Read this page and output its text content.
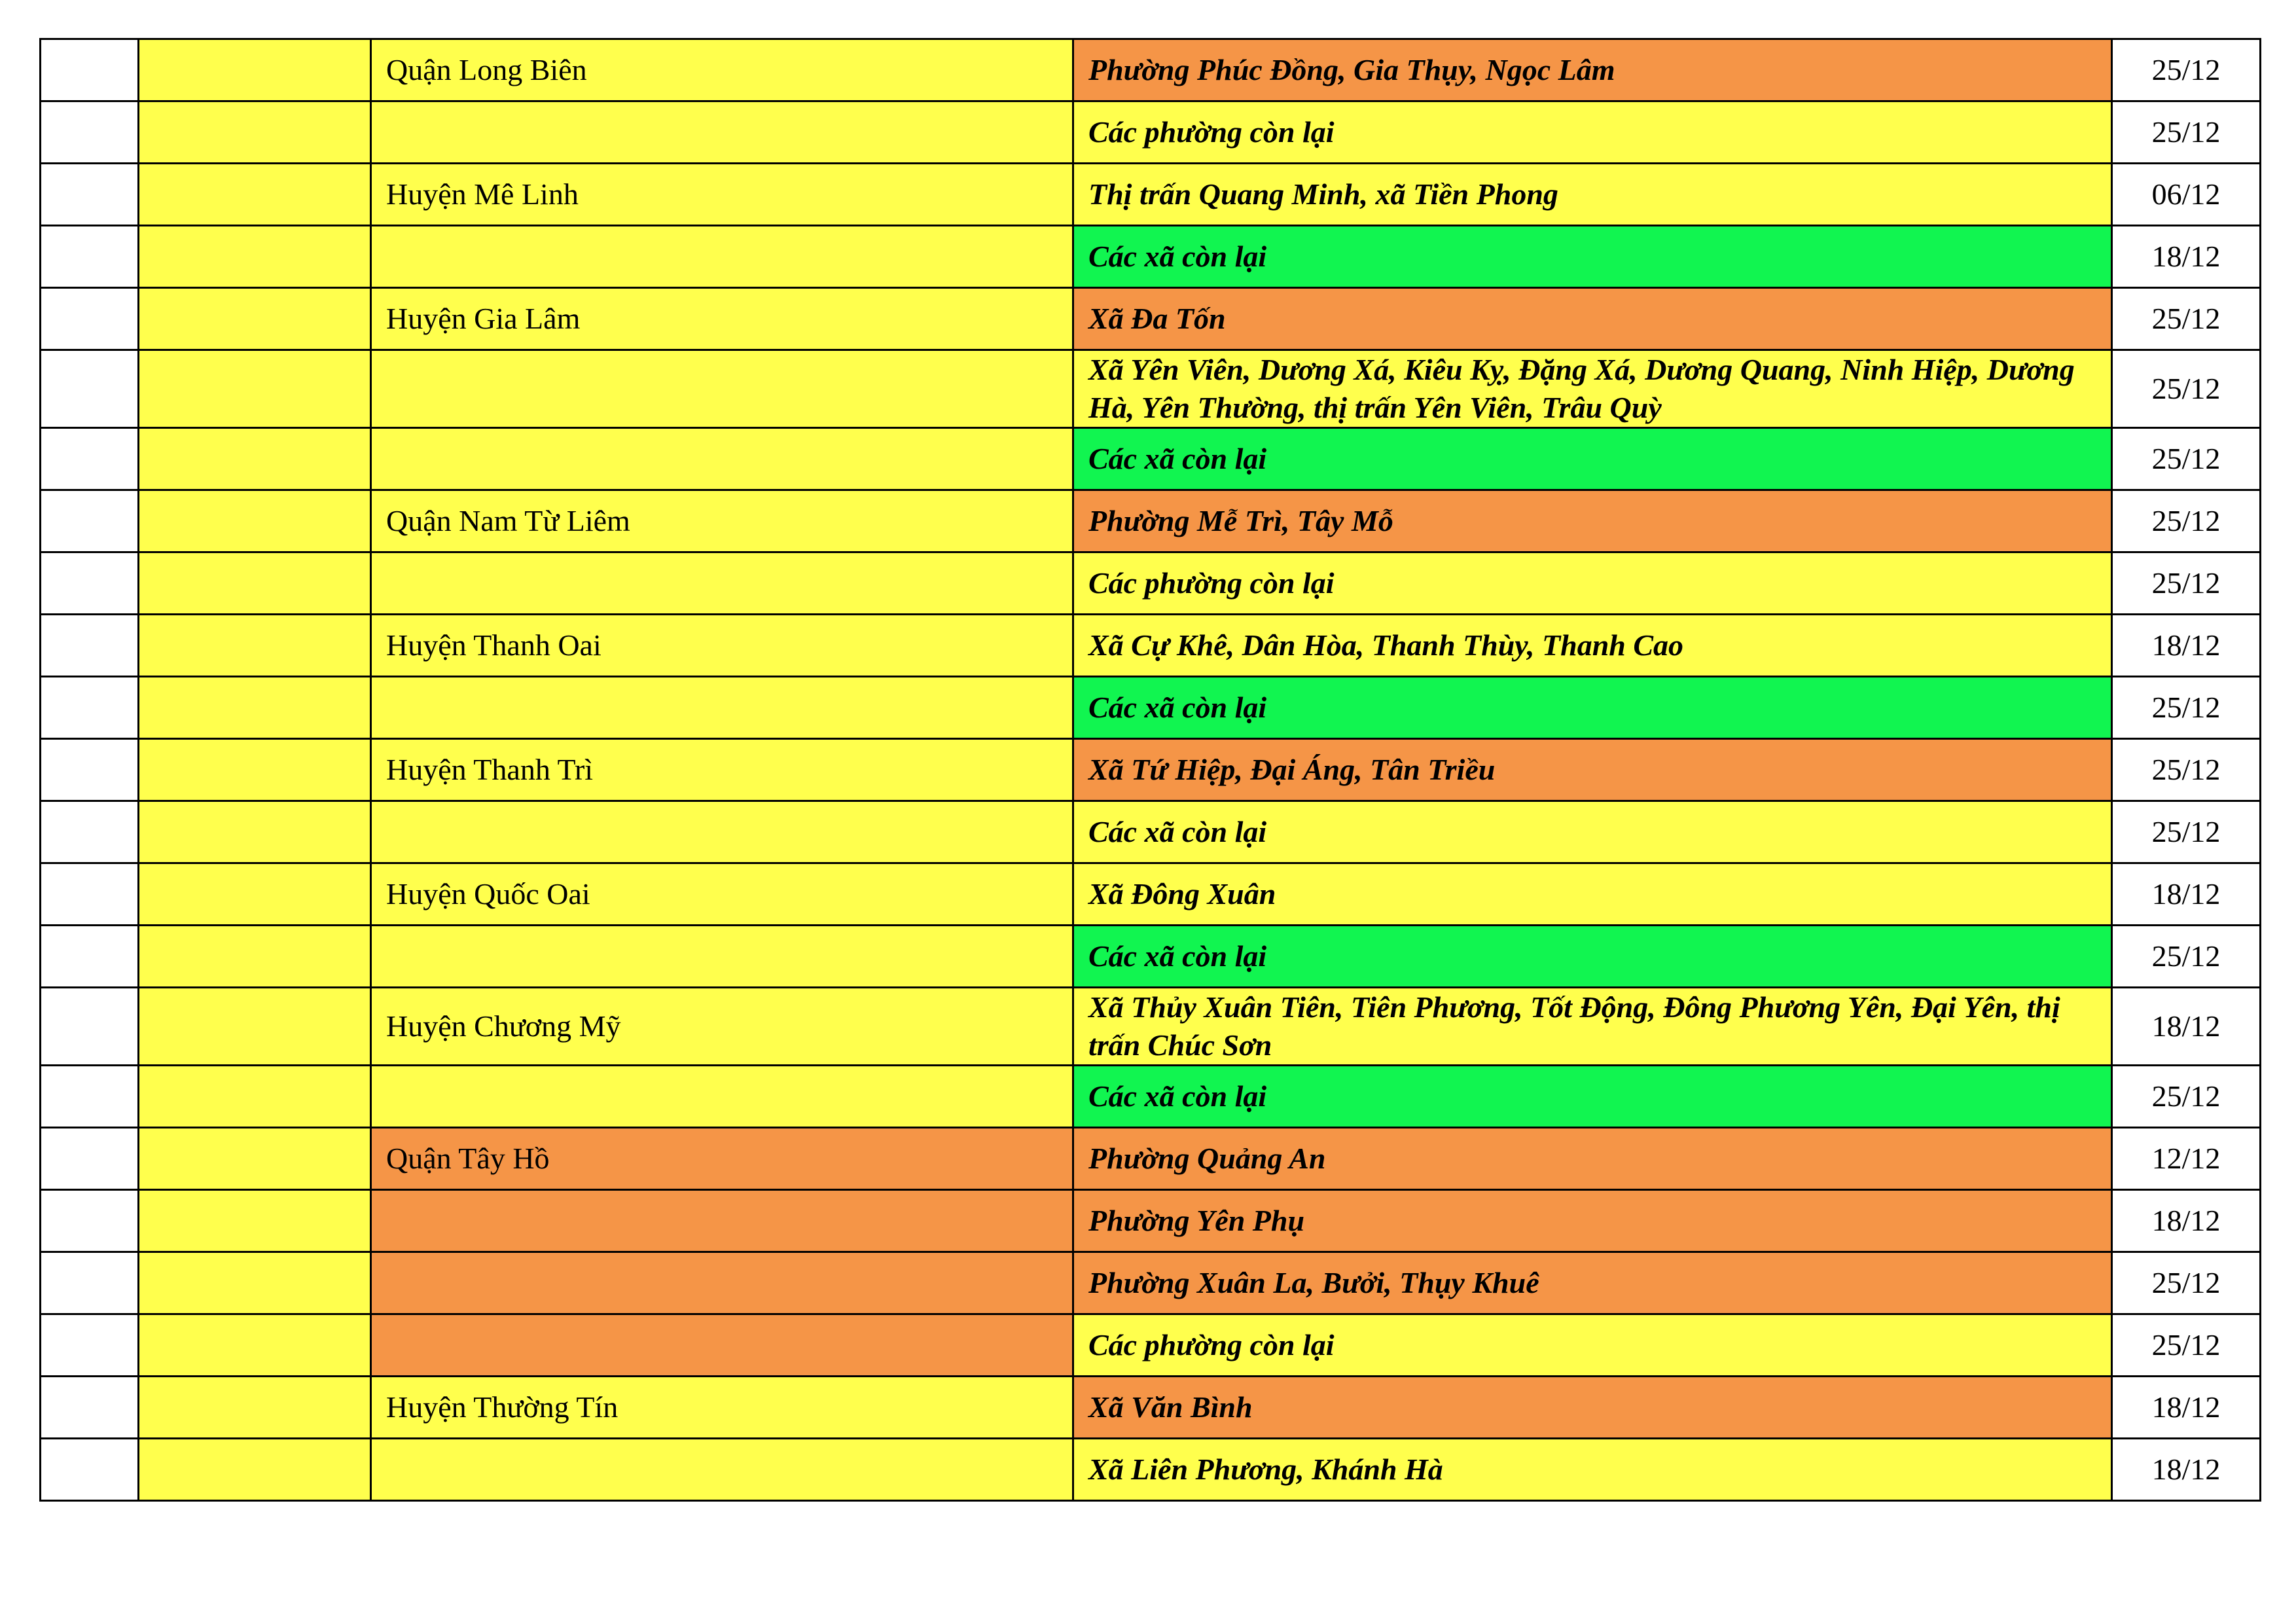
		Quận Long Biên	Phường Phúc Đồng, Gia Thụy, Ngọc Lâm	25/12
			Các phường còn lại	25/12
		Huyện Mê Linh	Thị trấn Quang Minh, xã Tiền Phong	06/12
			Các xã còn lại	18/12
		Huyện Gia Lâm	Xã Đa Tốn	25/12
			Xã Yên Viên, Dương Xá, Kiêu Kỵ, Đặng Xá, Dương Quang, Ninh Hiệp, Dương Hà, Yên Thường, thị trấn Yên Viên, Trâu Quỳ	25/12
			Các xã còn lại	25/12
		Quận Nam Từ Liêm	Phường Mễ Trì, Tây Mỗ	25/12
			Các phường còn lại	25/12
		Huyện Thanh Oai	Xã Cự Khê, Dân Hòa, Thanh Thùy, Thanh Cao	18/12
			Các xã còn lại	25/12
		Huyện Thanh Trì	Xã Tứ Hiệp, Đại Áng, Tân Triều	25/12
			Các xã còn lại	25/12
		Huyện Quốc Oai	Xã Đông Xuân	18/12
			Các xã còn lại	25/12
		Huyện Chương Mỹ	Xã Thủy Xuân Tiên, Tiên Phương, Tốt Động, Đông Phương Yên, Đại Yên, thị trấn Chúc Sơn	18/12
			Các xã còn lại	25/12
		Quận Tây Hồ	Phường Quảng An	12/12
			Phường Yên Phụ	18/12
			Phường Xuân La, Bưởi, Thụy Khuê	25/12
			Các phường còn lại	25/12
		Huyện Thường Tín	Xã Văn Bình	18/12
			Xã Liên Phương, Khánh Hà	18/12
